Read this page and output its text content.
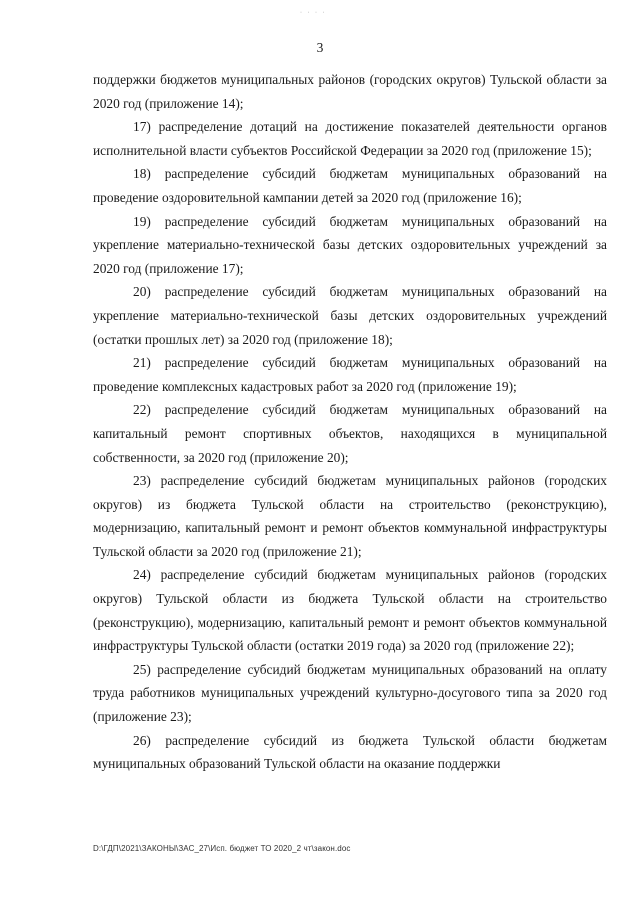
· · · ·
3

поддержки бюджетов муниципальных районов (городских округов) Тульской области за 2020 год (приложение 14);

17) распределение дотаций на достижение показателей деятельности органов исполнительной власти субъектов Российской Федерации за 2020 год (приложение 15);

18) распределение субсидий бюджетам муниципальных образований на проведение оздоровительной кампании детей за 2020 год (приложение 16);

19) распределение субсидий бюджетам муниципальных образований на укрепление материально-технической базы детских оздоровительных учреждений за 2020 год (приложение 17);

20) распределение субсидий бюджетам муниципальных образований на укрепление материально-технической базы детских оздоровительных учреждений (остатки прошлых лет) за 2020 год (приложение 18);

21) распределение субсидий бюджетам муниципальных образований на проведение комплексных кадастровых работ за 2020 год (приложение 19);

22) распределение субсидий бюджетам муниципальных образований на капитальный ремонт спортивных объектов, находящихся в муниципальной собственности, за 2020 год (приложение 20);

23) распределение субсидий бюджетам муниципальных районов (городских округов) из бюджета Тульской области на строительство (реконструкцию), модернизацию, капитальный ремонт и ремонт объектов коммунальной инфраструктуры Тульской области за 2020 год (приложение 21);

24) распределение субсидий бюджетам муниципальных районов (городских округов) Тульской области из бюджета Тульской области на строительство (реконструкцию), модернизацию, капитальный ремонт и ремонт объектов коммунальной инфраструктуры Тульской области (остатки 2019 года) за 2020 год (приложение 22);

25) распределение субсидий бюджетам муниципальных образований на оплату труда работников муниципальных учреждений культурно-досугового типа за 2020 год (приложение 23);

26) распределение субсидий из бюджета Тульской области бюджетам муниципальных образований Тульской области на оказание поддержки

D:\ГДП\2021\ЗАКОНЫ\ЗАС_27\Исп. бюджет ТО 2020_2 чт\закон.doc
